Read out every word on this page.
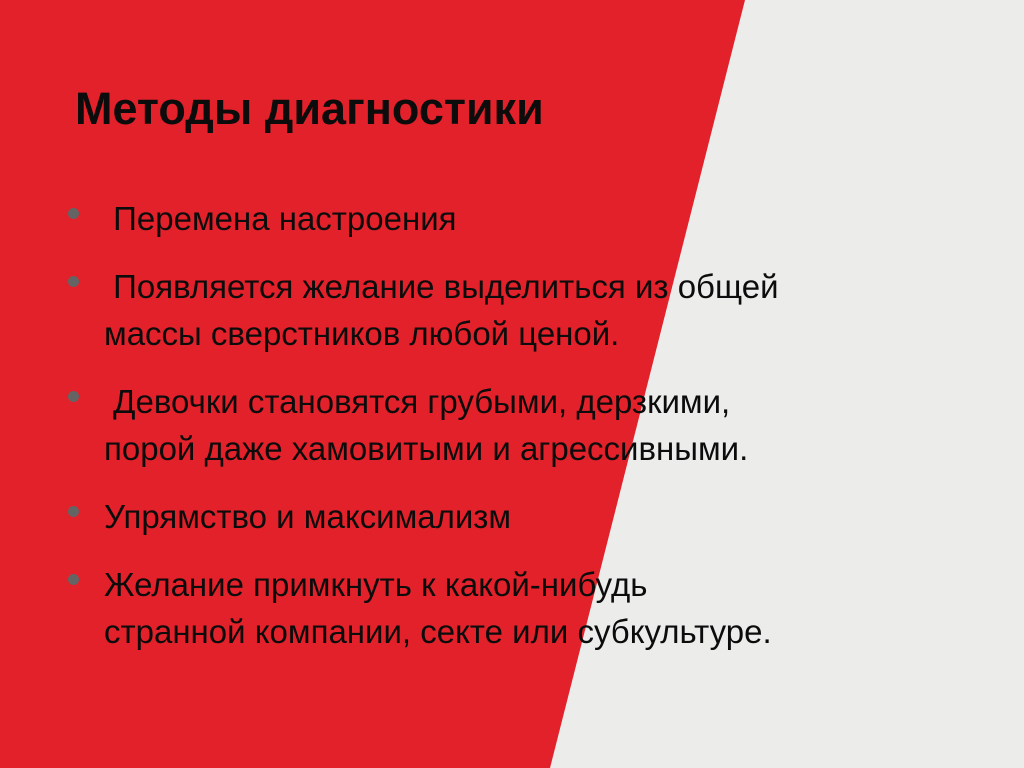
Методы диагностики
Перемена настроения
Появляется желание выделиться из общей
массы сверстников любой ценой.
Девочки становятся грубыми, дерзкими,
порой даже хамовитыми и агрессивными.
Упрямство и максимализм
Желание примкнуть к какой-нибудь
странной компании, секте или субкультуре.
